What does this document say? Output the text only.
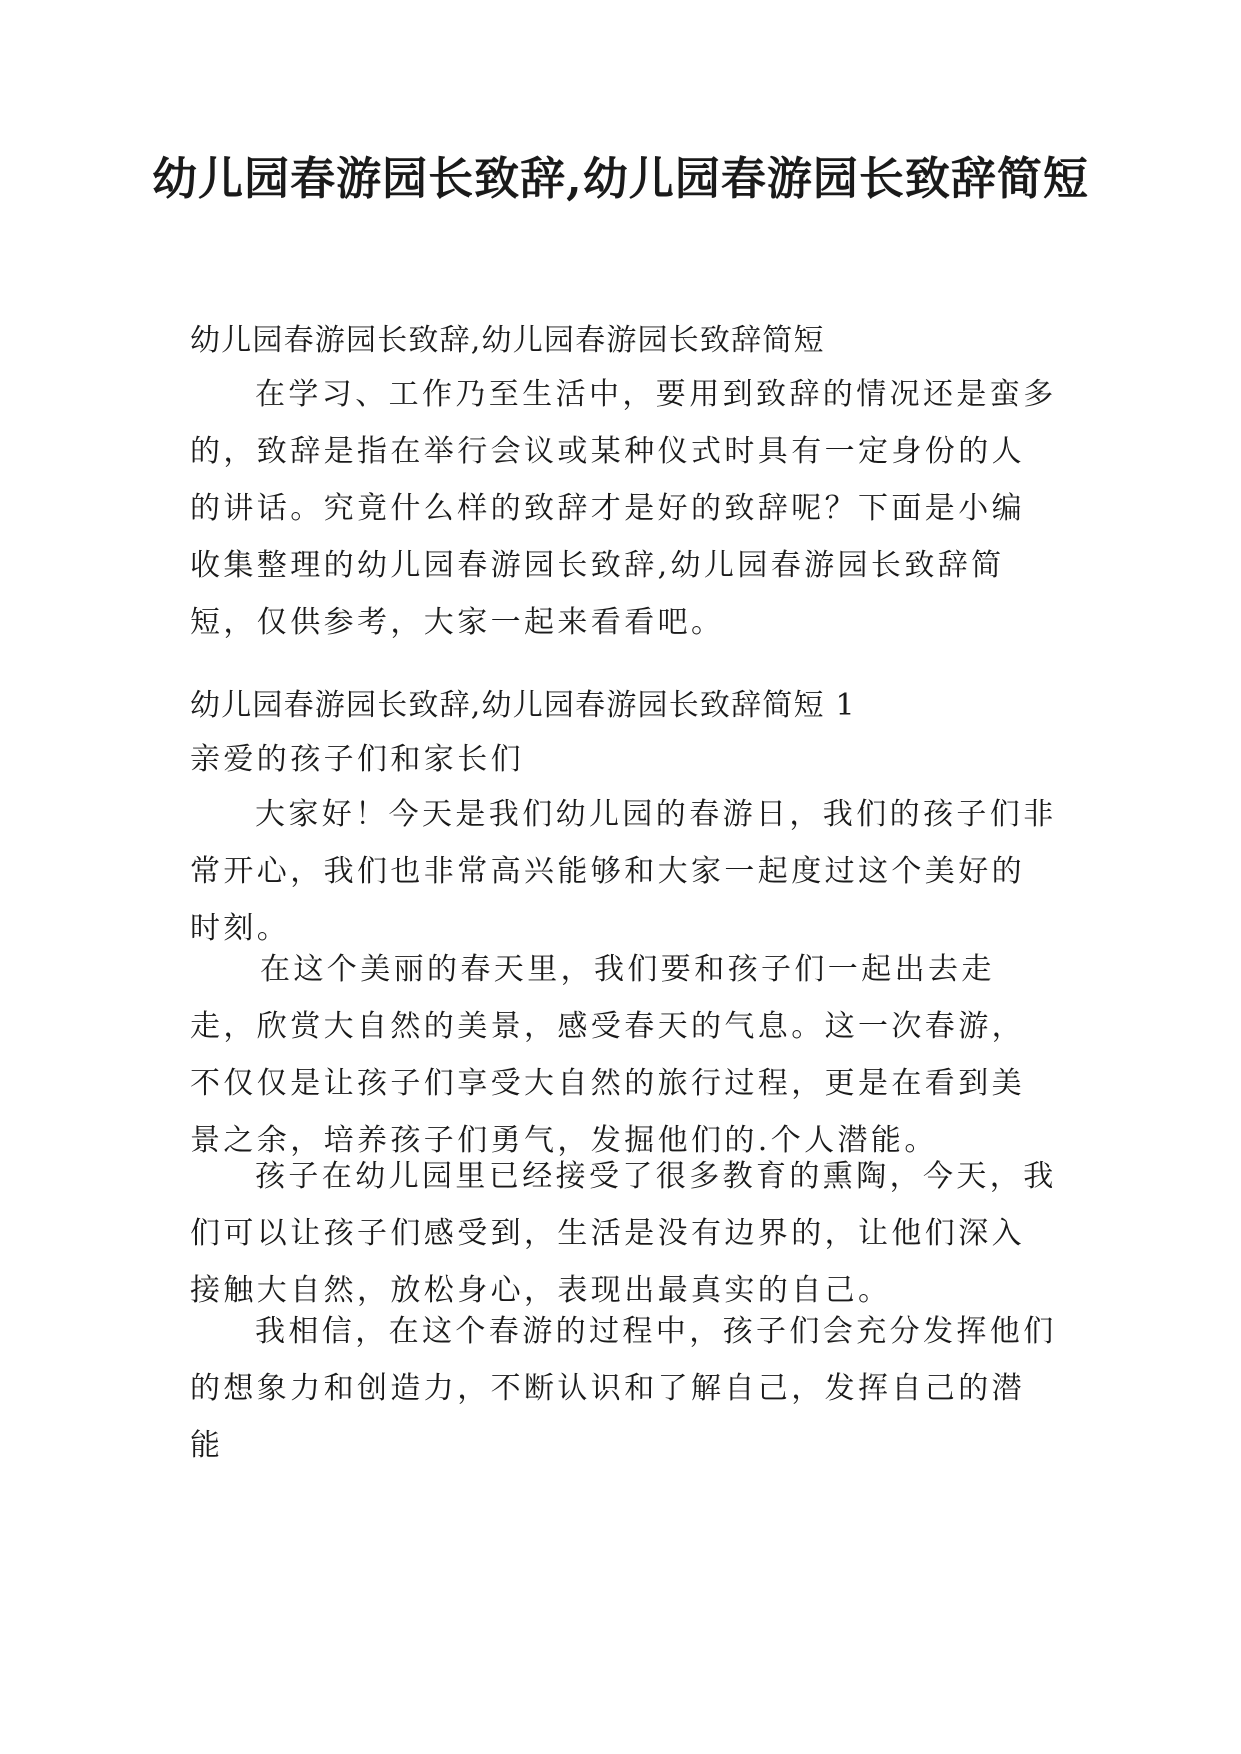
幼儿园春游园长致辞,幼儿园春游园长致辞简短

幼儿园春游园长致辞,幼儿园春游园长致辞简短

在学习、工作乃至生活中，要用到致辞的情况还是蛮多的，致辞是指在举行会议或某种仪式时具有一定身份的人的讲话。究竟什么样的致辞才是好的致辞呢？下面是小编收集整理的幼儿园春游园长致辞,幼儿园春游园长致辞简短，仅供参考，大家一起来看看吧。

幼儿园春游园长致辞,幼儿园春游园长致辞简短 1

亲爱的孩子们和家长们

大家好！今天是我们幼儿园的春游日，我们的孩子们非常开心，我们也非常高兴能够和大家一起度过这个美好的时刻。

在这个美丽的春天里，我们要和孩子们一起出去走走，欣赏大自然的美景，感受春天的气息。这一次春游，不仅仅是让孩子们享受大自然的旅行过程，更是在看到美景之余，培养孩子们勇气，发掘他们的.个人潜能。

孩子在幼儿园里已经接受了很多教育的熏陶，今天，我们可以让孩子们感受到，生活是没有边界的，让他们深入接触大自然，放松身心，表现出最真实的自己。

我相信，在这个春游的过程中，孩子们会充分发挥他们的想象力和创造力，不断认识和了解自己，发挥自己的潜能
